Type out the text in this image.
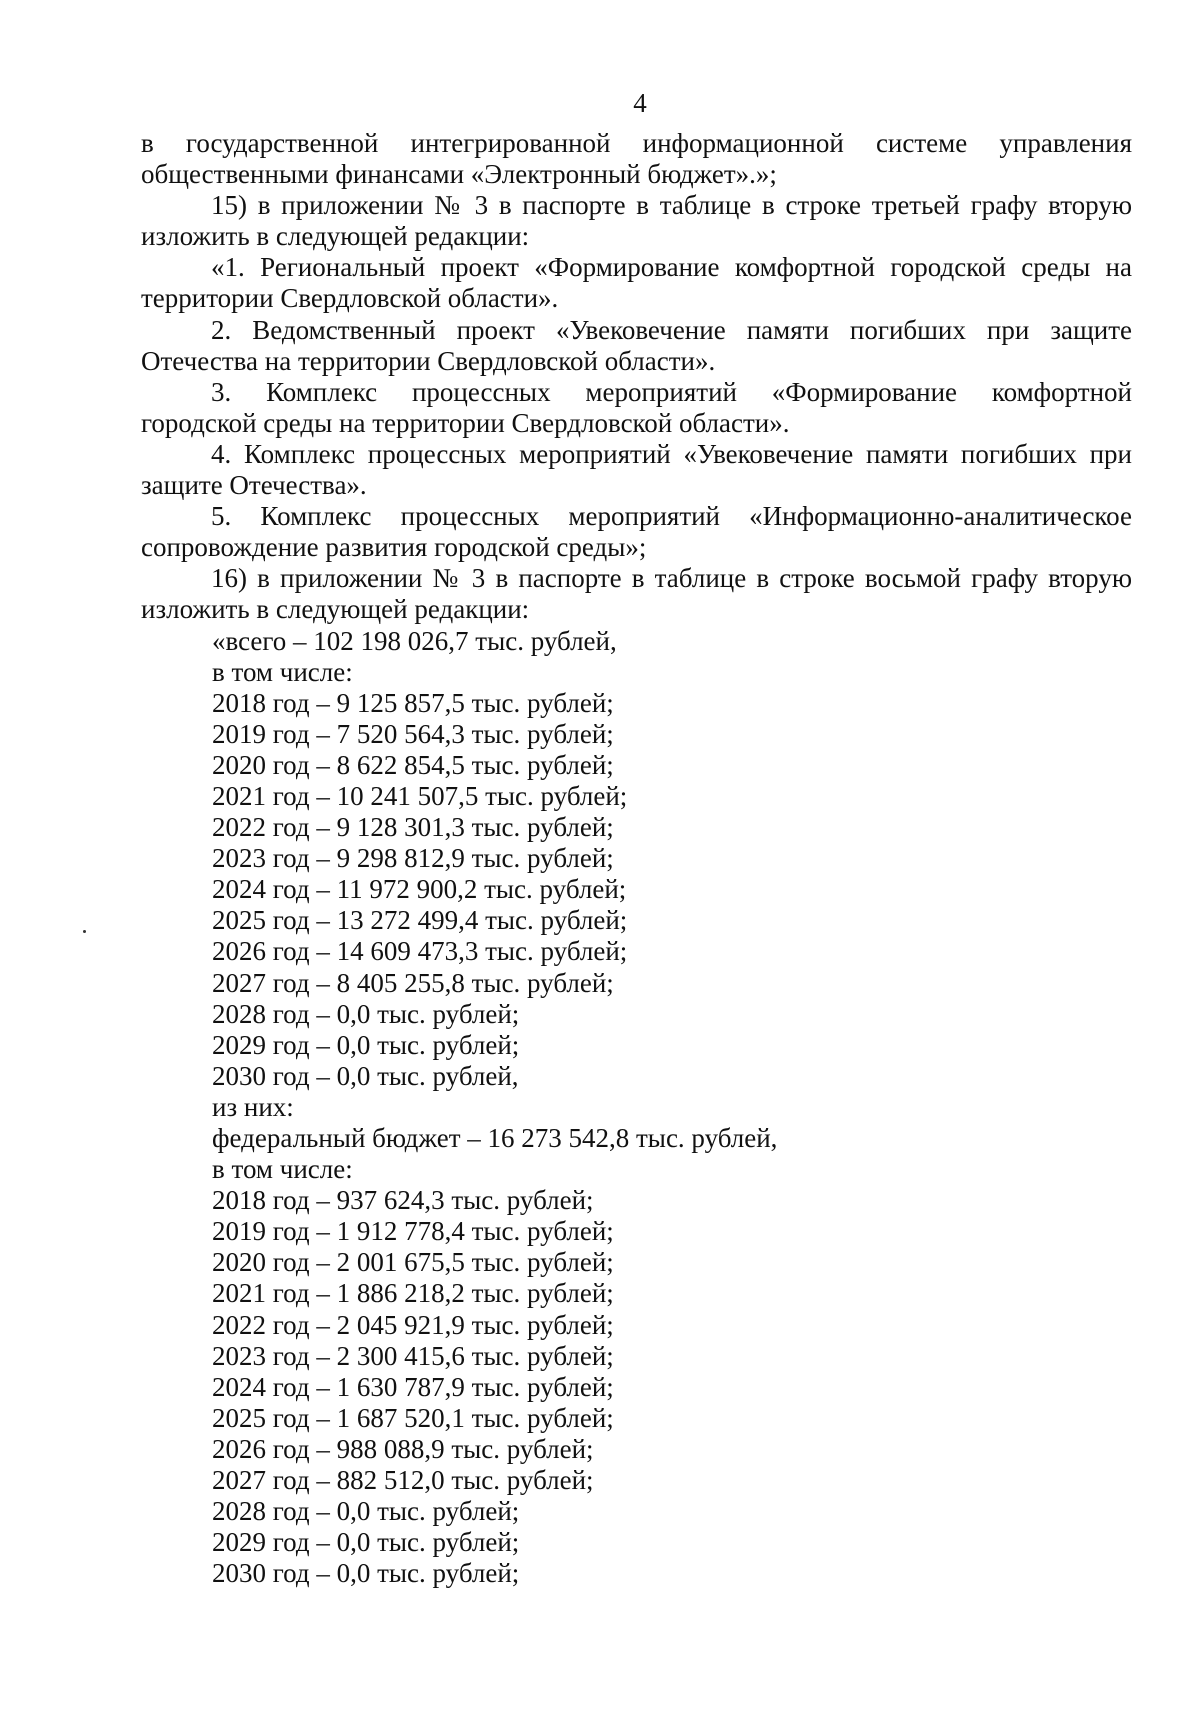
4

в государственной интегрированной информационной системе управления

общественными финансами «Электронный бюджет».»;

15) в приложении № 3 в паспорте в таблице в строке третьей графу вторую

изложить в следующей редакции:

«1. Региональный проект «Формирование комфортной городской среды на

территории Свердловской области».

2. Ведомственный проект «Увековечение памяти погибших при защите

Отечества на территории Свердловской области».

3. Комплекс процессных мероприятий «Формирование комфортной

городской среды на территории Свердловской области».

4. Комплекс процессных мероприятий «Увековечение памяти погибших при

защите Отечества».

5. Комплекс процессных мероприятий «Информационно-аналитическое

сопровождение развития городской среды»;

16) в приложении № 3 в паспорте в таблице в строке восьмой графу вторую

изложить в следующей редакции:

«всего – 102 198 026,7 тыс. рублей,
в том числе:
2018 год – 9 125 857,5 тыс. рублей;
2019 год – 7 520 564,3 тыс. рублей;
2020 год – 8 622 854,5 тыс. рублей;
2021 год – 10 241 507,5 тыс. рублей;
2022 год – 9 128 301,3 тыс. рублей;
2023 год – 9 298 812,9 тыс. рублей;
2024 год – 11 972 900,2 тыс. рублей;
2025 год – 13 272 499,4 тыс. рублей;
2026 год – 14 609 473,3 тыс. рублей;
2027 год – 8 405 255,8 тыс. рублей;
2028 год – 0,0 тыс. рублей;
2029 год – 0,0 тыс. рублей;
2030 год – 0,0 тыс. рублей,
из них:
федеральный бюджет – 16 273 542,8 тыс. рублей,
в том числе:
2018 год – 937 624,3 тыс. рублей;
2019 год – 1 912 778,4 тыс. рублей;
2020 год – 2 001 675,5 тыс. рублей;
2021 год – 1 886 218,2 тыс. рублей;
2022 год – 2 045 921,9 тыс. рублей;
2023 год – 2 300 415,6 тыс. рублей;
2024 год – 1 630 787,9 тыс. рублей;
2025 год – 1 687 520,1 тыс. рублей;
2026 год – 988 088,9 тыс. рублей;
2027 год – 882 512,0 тыс. рублей;
2028 год – 0,0 тыс. рублей;
2029 год – 0,0 тыс. рублей;
2030 год – 0,0 тыс. рублей;
